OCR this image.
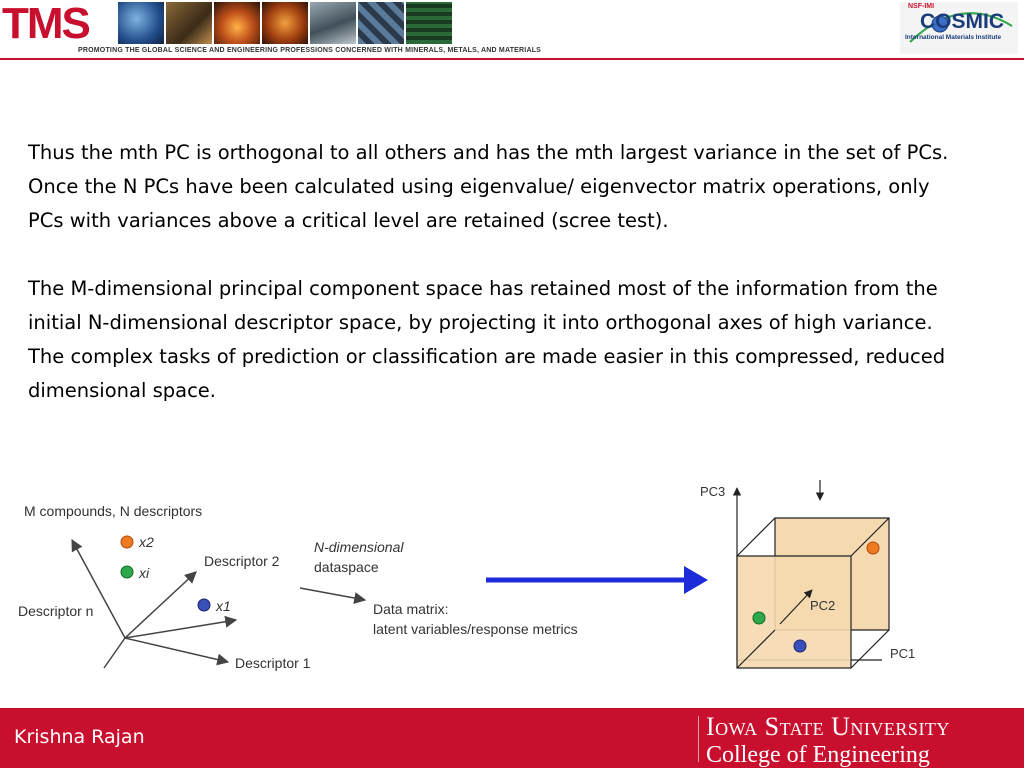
TMS
PROMOTING THE GLOBAL SCIENCE AND ENGINEERING PROFESSIONS CONCERNED WITH MINERALS, METALS, AND MATERIALS
NSF-IMI
COSMIC
International Materials Institute

Thus the mth PC is orthogonal to all others and has the mth largest variance in the set of PCs. Once the N PCs have been calculated using eigenvalue/ eigenvector matrix operations, only PCs with variances above a critical level are retained (scree test).

The M-dimensional principal component space has retained most of the information from the initial N-dimensional descriptor space, by projecting it into orthogonal axes of high variance. The complex tasks of prediction or classification are made easier in this compressed, reduced dimensional space.

M compounds, N descriptors
x2
xi
x1
Descriptor 2
Descriptor n
Descriptor 1
N-dimensional
dataspace
Data matrix:
latent variables/response metrics
PC3
PC2
PC1
Krishna Rajan	Iowa State University
College of Engineering
